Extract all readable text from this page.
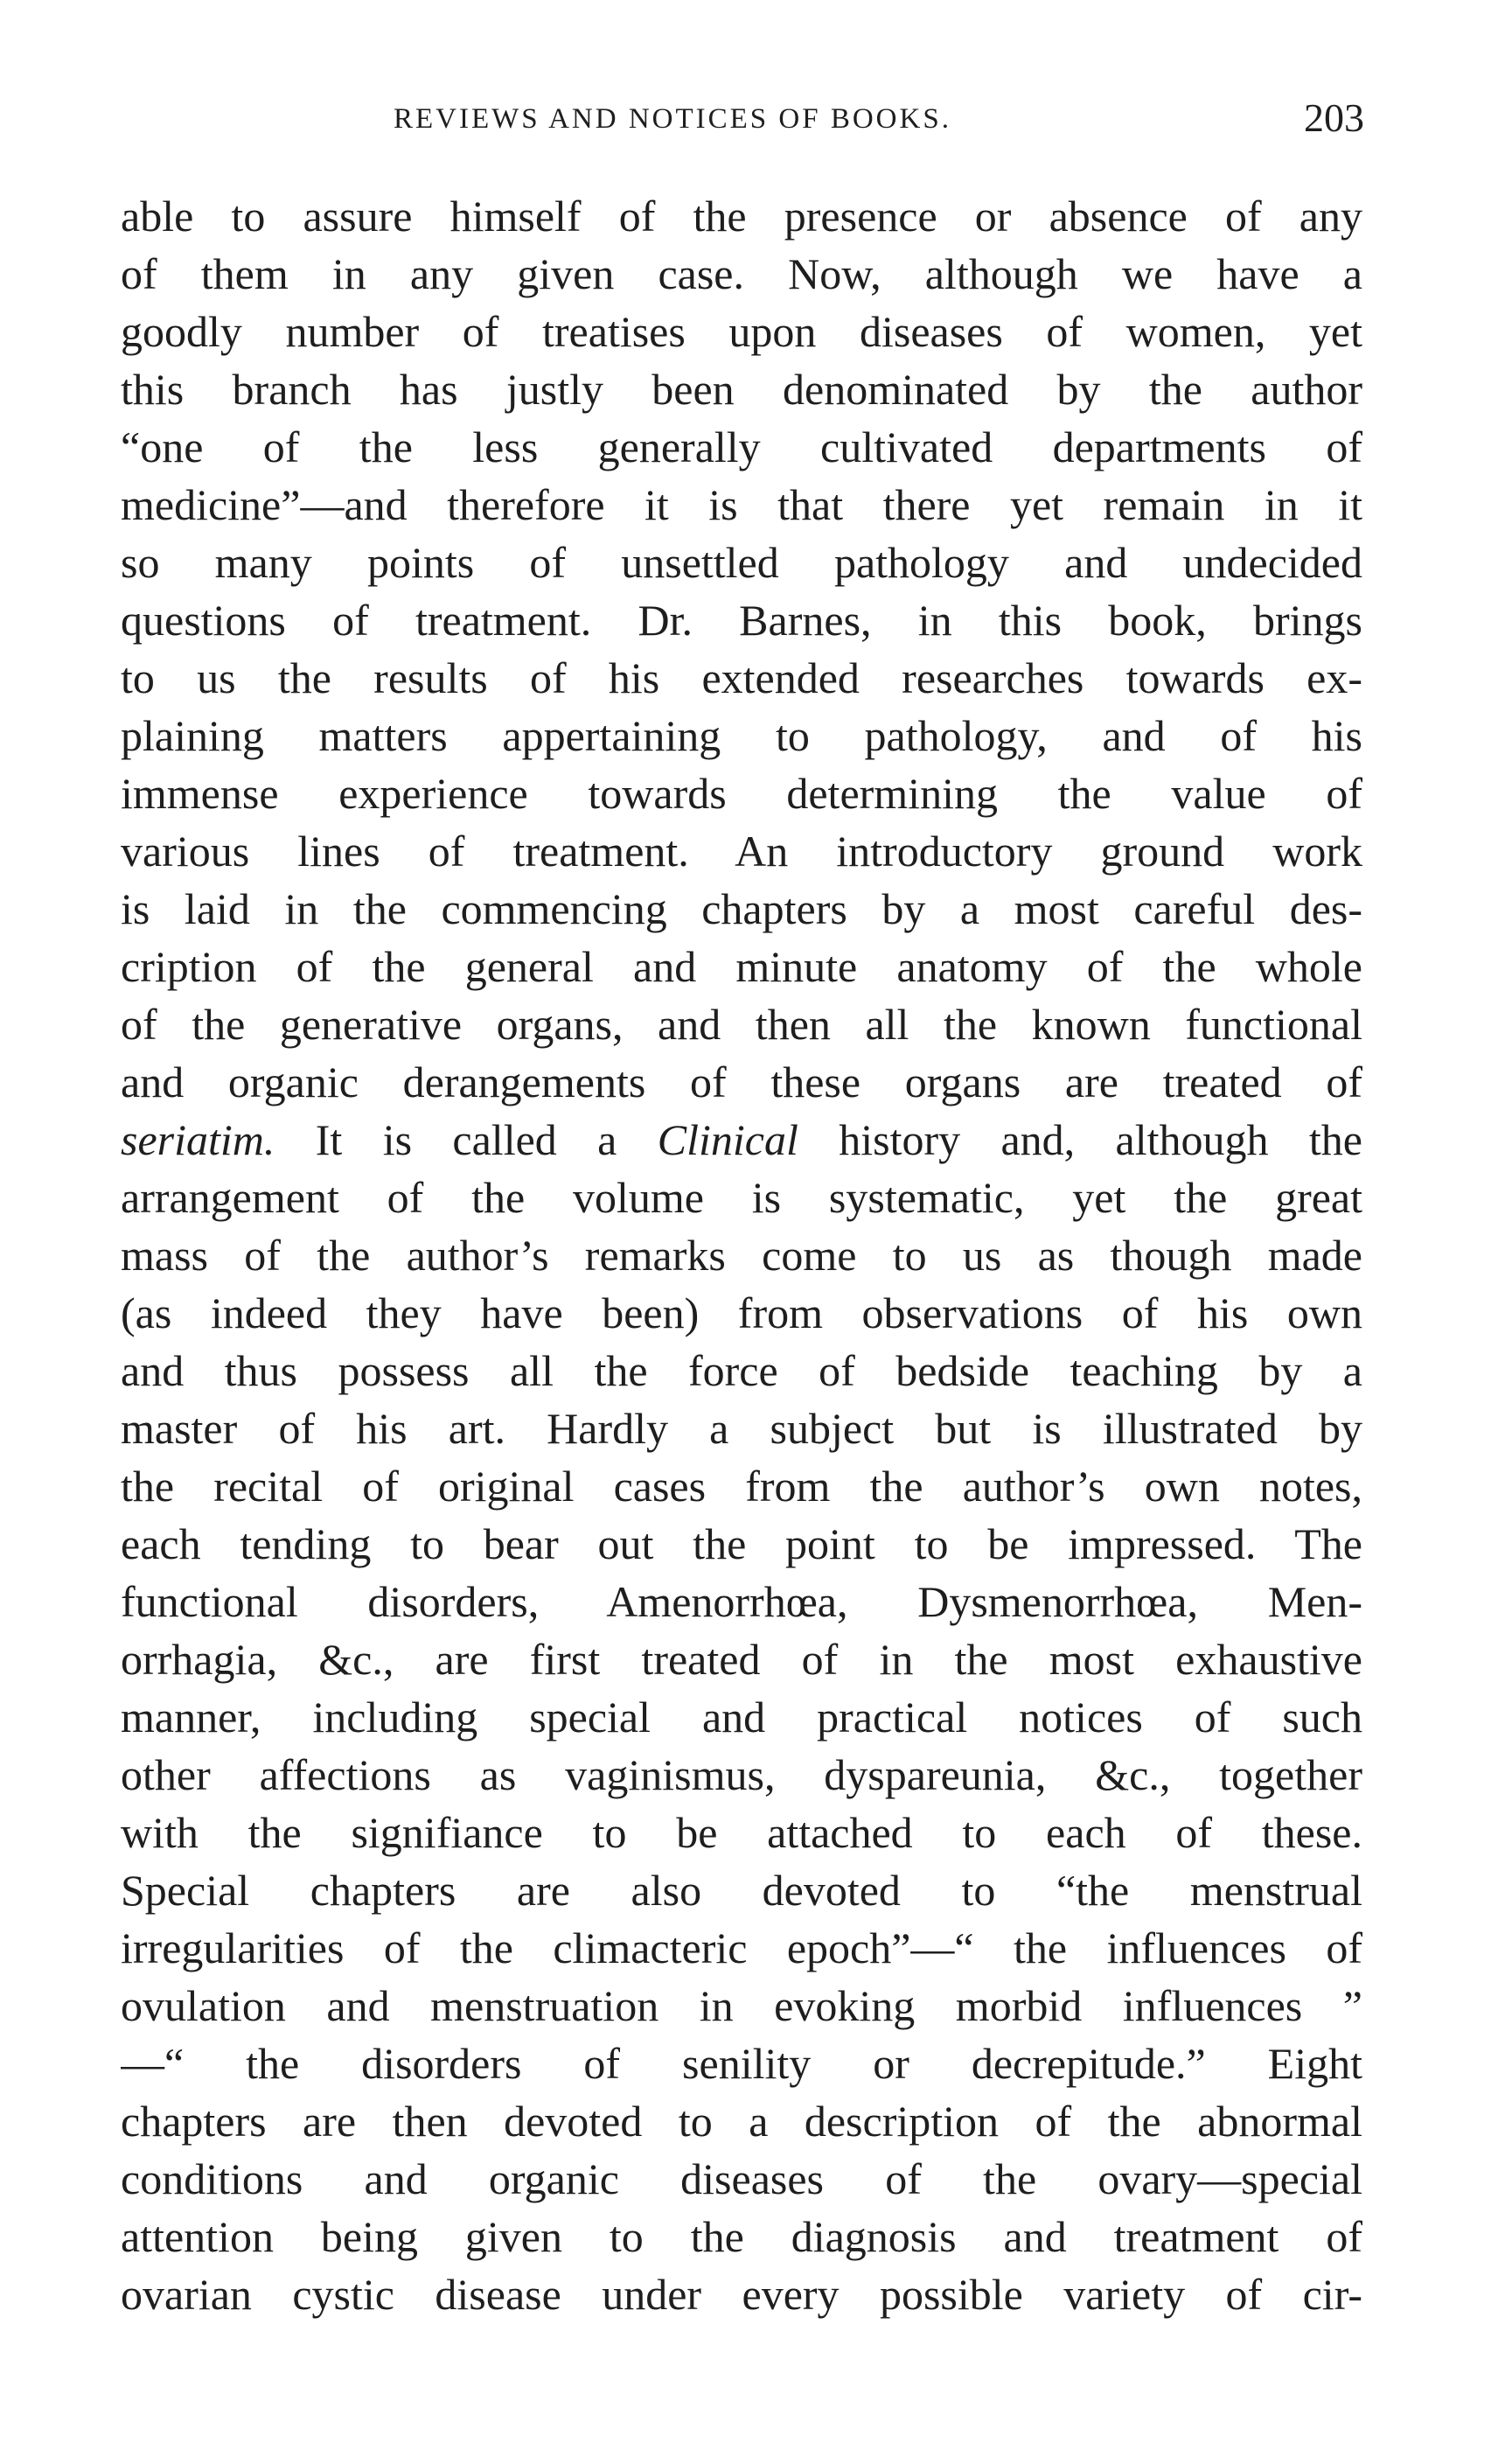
REVIEWS AND NOTICES OF BOOKS.	203
able to assure himself of the presence or absence of any
of them in any given case. Now, although we have a
goodly number of treatises upon diseases of women, yet
this branch has justly been denominated by the author
“one of the less generally cultivated departments of
medicine”—and therefore it is that there yet remain in it
so many points of unsettled pathology and undecided
questions of treatment. Dr. Barnes, in this book, brings
to us the results of his extended researches towards ex-
plaining matters appertaining to pathology, and of his
immense experience towards determining the value of
various lines of treatment. An introductory ground work
is laid in the commencing chapters by a most careful des-
cription of the general and minute anatomy of the whole
of the generative organs, and then all the known functional
and organic derangements of these organs are treated of
seriatim. It is called a Clinical history and, although the
arrangement of the volume is systematic, yet the great
mass of the author’s remarks come to us as though made
(as indeed they have been) from observations of his own
and thus possess all the force of bedside teaching by a
master of his art. Hardly a subject but is illustrated by
the recital of original cases from the author’s own notes,
each tending to bear out the point to be impressed. The
functional disorders, Amenorrhœa, Dysmenorrhœa, Men-
orrhagia, &c., are first treated of in the most exhaustive
manner, including special and practical notices of such
other affections as vaginismus, dyspareunia, &c., together
with the signifiance to be attached to each of these.
Special chapters are also devoted to “the menstrual
irregularities of the climacteric epoch”—“ the influences of
ovulation and menstruation in evoking morbid influences ”
—“ the disorders of senility or decrepitude.” Eight
chapters are then devoted to a description of the abnormal
conditions and organic diseases of the ovary—special
attention being given to the diagnosis and treatment of
ovarian cystic disease under every possible variety of cir-
